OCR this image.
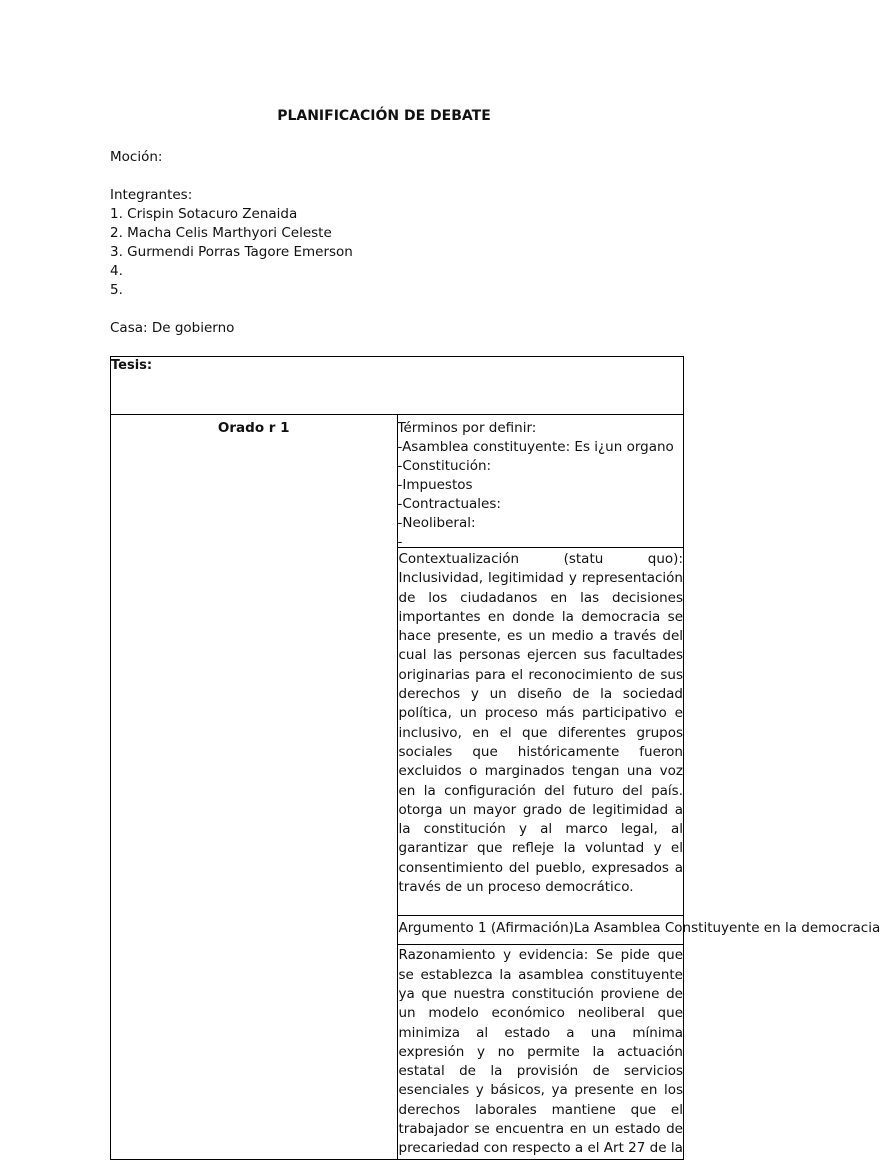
PLANIFICACIÓN DE DEBATE
Moción:
Integrantes:
1. Crispin Sotacuro Zenaida
2. Macha Celis Marthyori Celeste
3. Gurmendi Porras Tagore Emerson
4.
5.
Casa: De gobierno
Tesis:

Orado r 1	Términos por definir:
-Asamblea constituyente: Es i¿un organo
-Constitución:
-Impuestos
-Contractuales:
-Neoliberal:
-

Contextualización (statu quo): Inclusividad, legitimidad y representación de los ciudadanos en las decisiones importantes en donde la democracia se hace presente, es un medio a través del cual las personas ejercen sus facultades originarias para el reconocimiento de sus derechos y un diseño de la sociedad política, un proceso más participativo e inclusivo, en el que diferentes grupos sociales que históricamente fueron excluidos o marginados tengan una voz en la configuración del futuro del país. otorga un mayor grado de legitimidad a la constitución y al marco legal, al garantizar que refleje la voluntad y el consentimiento del pueblo, expresados a través de un proceso democrático.

Argumento 1 (Afirmación)La Asamblea Constituyente en la democracia

Razonamiento y evidencia: Se pide que se establezca la asamblea constituyente ya que nuestra constitución proviene de un modelo económico neoliberal que minimiza al estado a una mínima expresión y no permite la actuación estatal de la provisión de servicios esenciales y básicos, ya presente en los derechos laborales mantiene que el trabajador se encuentra en un estado de precariedad con respecto a el Art 27 de la
